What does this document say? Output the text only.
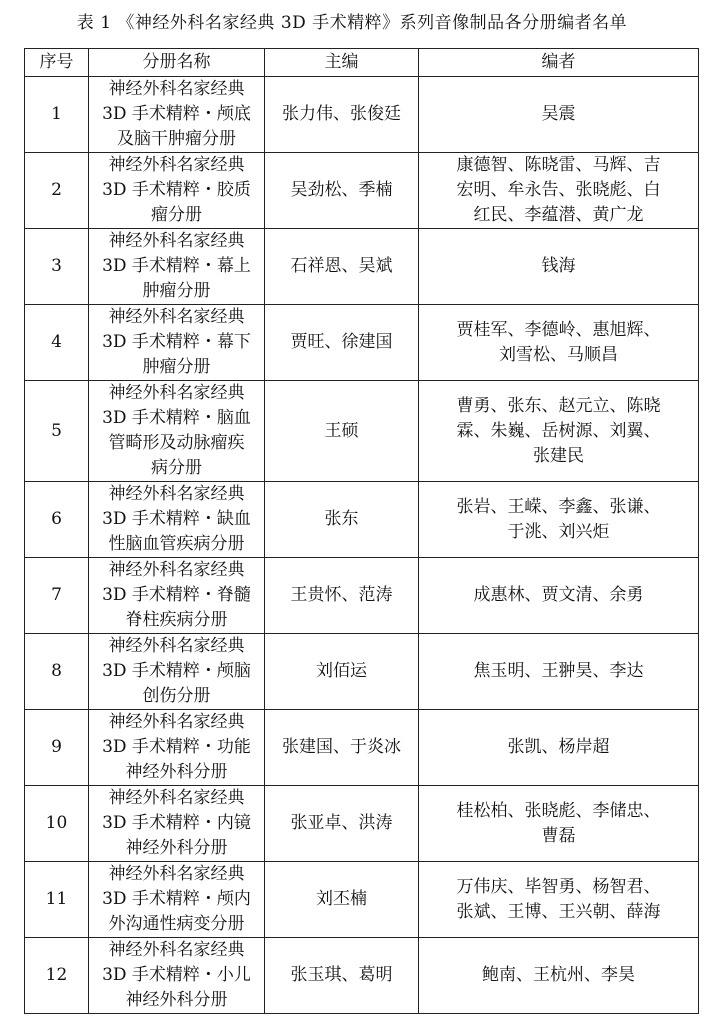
表 1 《神经外科名家经典 3D 手术精粹》系列音像制品各分册编者名单
序号	分册名称	主编	编者
1	神经外科名家经典
3D 手术精粹・颅底
及脑干肿瘤分册	张力伟、张俊廷	吴震

2	神经外科名家经典
3D 手术精粹・胶质
瘤分册	吴劲松、季楠	康德智、陈晓雷、马辉、吉
宏明、牟永告、张晓彪、白
红民、李蕴潜、黄广龙

3	神经外科名家经典
3D 手术精粹・幕上
肿瘤分册	石祥恩、吴斌	钱海

4	神经外科名家经典
3D 手术精粹・幕下
肿瘤分册	贾旺、徐建国	贾桂军、李德岭、惠旭辉、
刘雪松、马顺昌

5	神经外科名家经典
3D 手术精粹・脑血
管畸形及动脉瘤疾
病分册	王硕	曹勇、张东、赵元立、陈晓
霖、朱巍、岳树源、刘翼、
张建民

6	神经外科名家经典
3D 手术精粹・缺血
性脑血管疾病分册	张东	张岩、王嵘、李鑫、张谦、
于洮、刘兴炬

7	神经外科名家经典
3D 手术精粹・脊髓
脊柱疾病分册	王贵怀、范涛	成惠林、贾文清、余勇

8	神经外科名家经典
3D 手术精粹・颅脑
创伤分册	刘佰运	焦玉明、王翀昊、李达

9	神经外科名家经典
3D 手术精粹・功能
神经外科分册	张建国、于炎冰	张凯、杨岸超

10	神经外科名家经典
3D 手术精粹・内镜
神经外科分册	张亚卓、洪涛	桂松柏、张晓彪、李储忠、
曹磊

11	神经外科名家经典
3D 手术精粹・颅内
外沟通性病变分册	刘丕楠	万伟庆、毕智勇、杨智君、
张斌、王博、王兴朝、薛海

12	神经外科名家经典
3D 手术精粹・小儿
神经外科分册	张玉琪、葛明	鲍南、王杭州、李昊
